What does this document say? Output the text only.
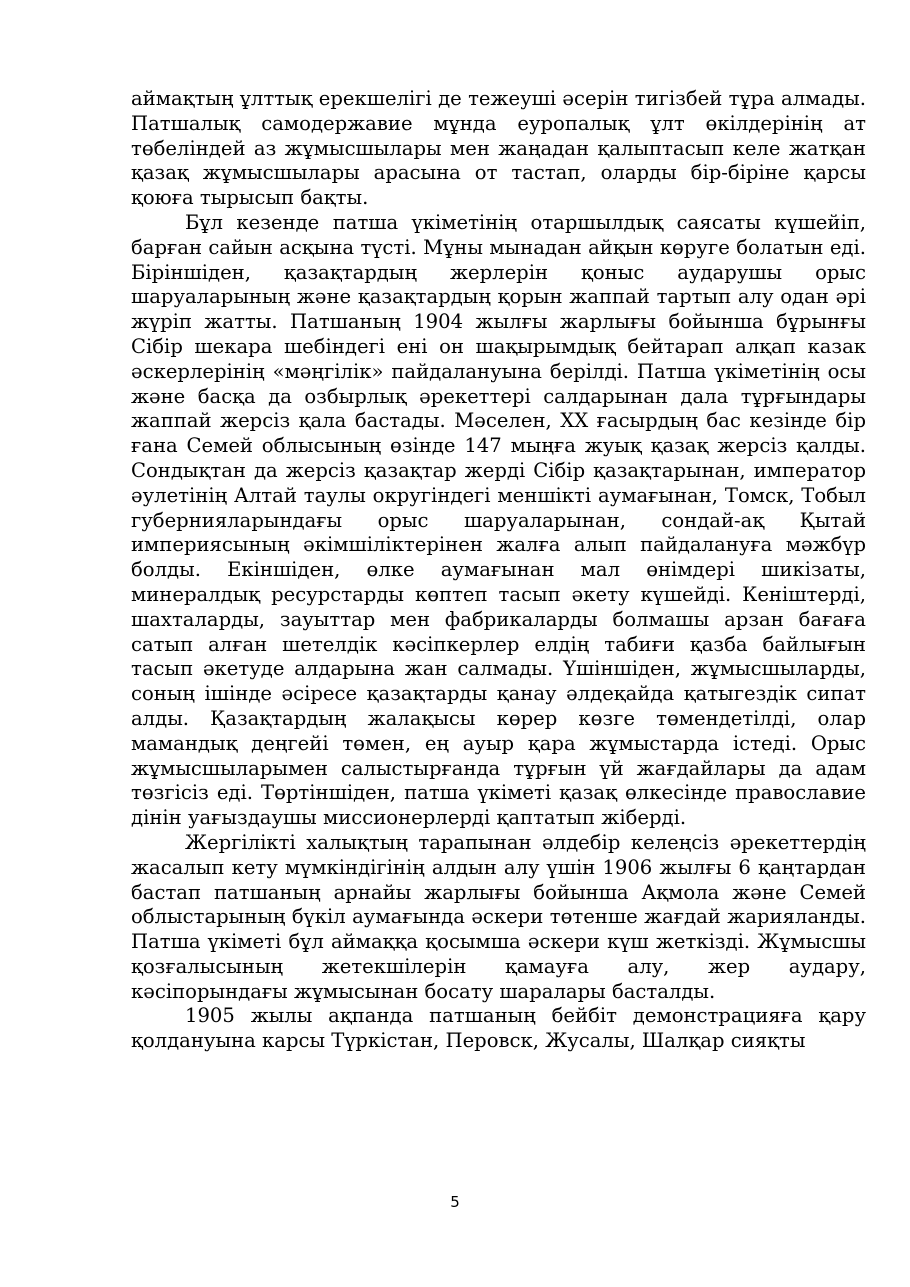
аймақтың ұлттық ерекшелігі де тежеуші әсерін тигізбей тұра алмады. Патшалық самодержавие мұнда еуропалық ұлт өкілдерінің ат төбеліндей аз жұмысшылары мен жаңадан қалыптасып келе жатқан қазақ жұмысшылары арасына от тастап, оларды бір-біріне қарсы қоюға тырысып бақты.

Бұл кезенде патша үкіметінің отаршылдық саясаты күшейіп, барған сайын асқына түсті. Мұны мынадан айқын көруге болатын еді. Біріншіден, қазақтардың жерлерін қоныс аударушы орыс шаруаларының және қазақтардың қорын жаппай тартып алу одан әрі жүріп жатты. Патшаның 1904 жылғы жарлығы бойынша бұрынғы Сібір шекара шебіндегі ені он шақырымдық бейтарап алқап казак әскерлерінің «мәңгілік» пайдалануына берілді. Патша үкіметінің осы және басқа да озбырлық әрекеттері салдарынан дала тұрғындары жаппай жерсіз қала бастады. Мәселен, XX ғасырдың бас кезінде бір ғана Семей облысының өзінде 147 мыңға жуық қазақ жерсіз қалды. Сондықтан да жерсіз қазақтар жерді Сібір қазақтарынан, император әулетінің Алтай таулы округіндегі меншікті аумағынан, Томск, Тобыл губернияларындағы орыс шаруаларынан, сондай-ақ Қытай империясының әкімшіліктерінен жалға алып пайдалануға мәжбүр болды. Екіншіден, өлке аумағынан мал өнімдері шикізаты, минералдық ресурстарды көптеп тасып әкету күшейді. Кеніштерді, шахталарды, зауыттар мен фабрикаларды болмашы арзан бағаға сатып алған шетелдік кәсіпкерлер елдің табиғи қазба байлығын тасып әкетуде алдарына жан салмады. Үшіншіден, жұмысшыларды, соның ішінде әсіресе қазақтарды қанау әлдеқайда қатыгездік сипат алды. Қазақтардың жалақысы көрер көзге төмендетілді, олар мамандық деңгейі төмен, ең ауыр қара жұмыстарда істеді. Орыс жұмысшыларымен салыстырғанда тұрғын үй жағдайлары да адам төзгісіз еді. Төртіншіден, патша үкіметі қазақ өлкесінде православие дінін уағыздаушы миссионерлерді қаптатып жіберді.

Жергілікті халықтың тарапынан әлдебір келеңсіз әрекеттердің жасалып кету мүмкіндігінің алдын алу үшін 1906 жылғы 6 қаңтардан бастап патшаның арнайы жарлығы бойынша Ақмола және Семей облыстарының бүкіл аумағында әскери төтенше жағдай жарияланды. Патша үкіметі бұл аймаққа қосымша әскери күш жеткізді. Жұмысшы қозғалысының жетекшілерін қамауға алу, жер аудару, кәсіпорындағы жұмысынан босату шаралары басталды.

1905 жылы ақпанда патшаның бейбіт демонстрацияға қару қолдануына карсы Түркістан, Перовск, Жусалы, Шалқар сияқты

5
